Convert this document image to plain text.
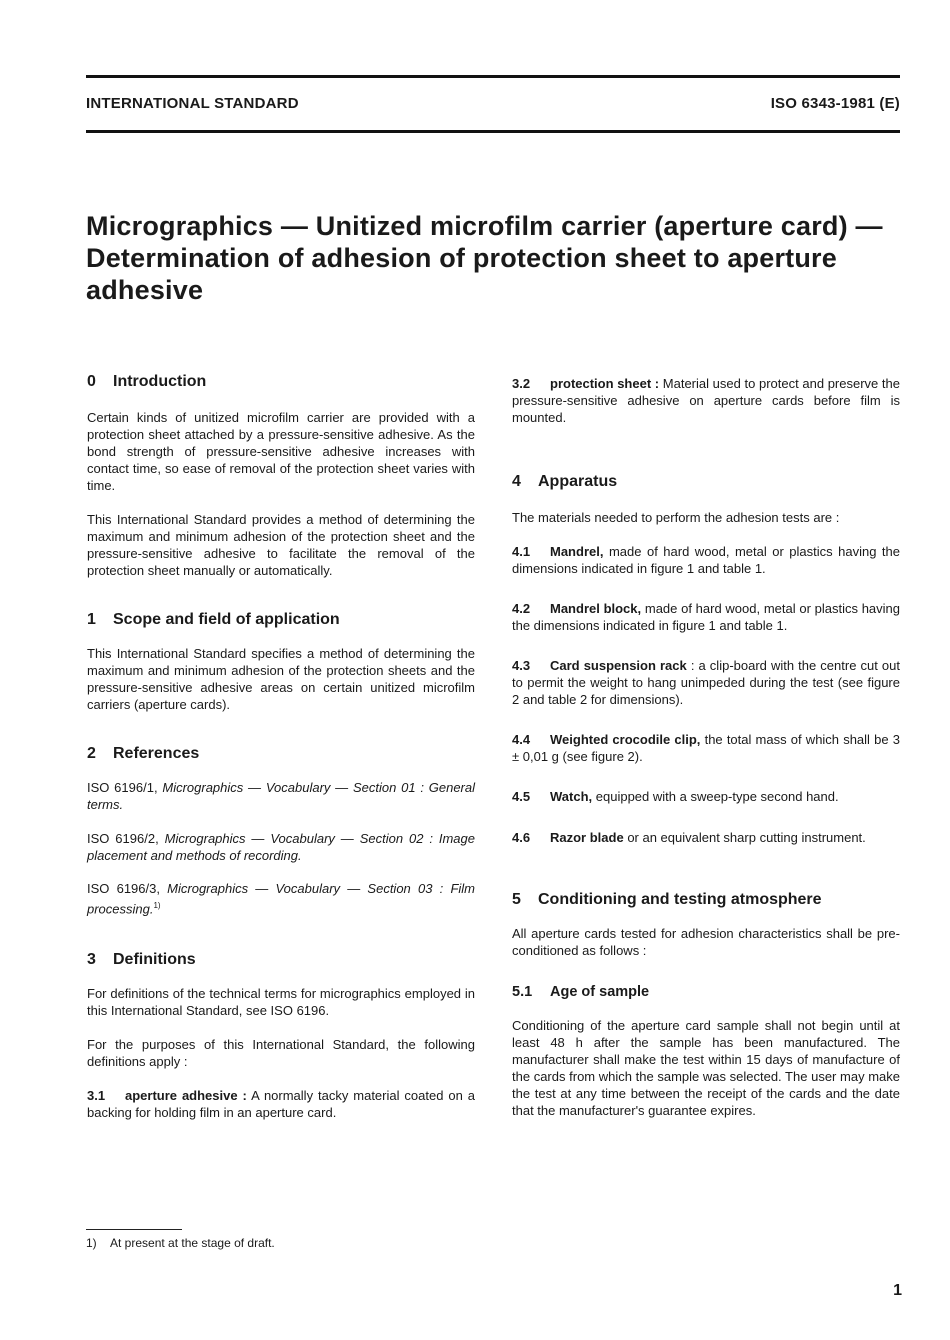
INTERNATIONAL STANDARD	ISO 6343-1981 (E)
Micrographics — Unitized microfilm carrier (aperture card) — Determination of adhesion of protection sheet to aperture adhesive
0 Introduction

Certain kinds of unitized microfilm carrier are provided with a protection sheet attached by a pressure-sensitive adhesive. As the bond strength of pressure-sensitive adhesive increases with contact time, so ease of removal of the protection sheet varies with time.

This International Standard provides a method of determining the maximum and minimum adhesion of the protection sheet and the pressure-sensitive adhesive to facilitate the removal of the protection sheet manually or automatically.

1 Scope and field of application

This International Standard specifies a method of determining the maximum and minimum adhesion of the protection sheets and the pressure-sensitive adhesive areas on certain unitized microfilm carriers (aperture cards).

2 References

ISO 6196/1, Micrographics — Vocabulary — Section 01 : General terms.

ISO 6196/2, Micrographics — Vocabulary — Section 02 : Image placement and methods of recording.

ISO 6196/3, Micrographics — Vocabulary — Section 03 : Film processing.$^{1)}$

3 Definitions

For definitions of the technical terms for micrographics employed in this International Standard, see ISO 6196.

For the purposes of this International Standard, the following definitions apply :

3.1 aperture adhesive : A normally tacky material coated on a backing for holding film in an aperture card.

3.2 protection sheet : Material used to protect and preserve the pressure-sensitive adhesive on aperture cards before film is mounted.

4 Apparatus

The materials needed to perform the adhesion tests are :

4.1 Mandrel, made of hard wood, metal or plastics having the dimensions indicated in figure 1 and table 1.

4.2 Mandrel block, made of hard wood, metal or plastics having the dimensions indicated in figure 1 and table 1.

4.3 Card suspension rack : a clip-board with the centre cut out to permit the weight to hang unimpeded during the test (see figure 2 and table 2 for dimensions).

4.4 Weighted crocodile clip, the total mass of which shall be 3 ± 0,01 g (see figure 2).

4.5 Watch, equipped with a sweep-type second hand.

4.6 Razor blade or an equivalent sharp cutting instrument.

5 Conditioning and testing atmosphere

All aperture cards tested for adhesion characteristics shall be pre-conditioned as follows :

5.1 Age of sample

Conditioning of the aperture card sample shall not begin until at least 48 h after the sample has been manufactured. The manufacturer shall make the test within 15 days of manufacture of the cards from which the sample was selected. The user may make the test at any time between the receipt of the cards and the date that the manufacturer's guarantee expires.

1) At present at the stage of draft.
1
